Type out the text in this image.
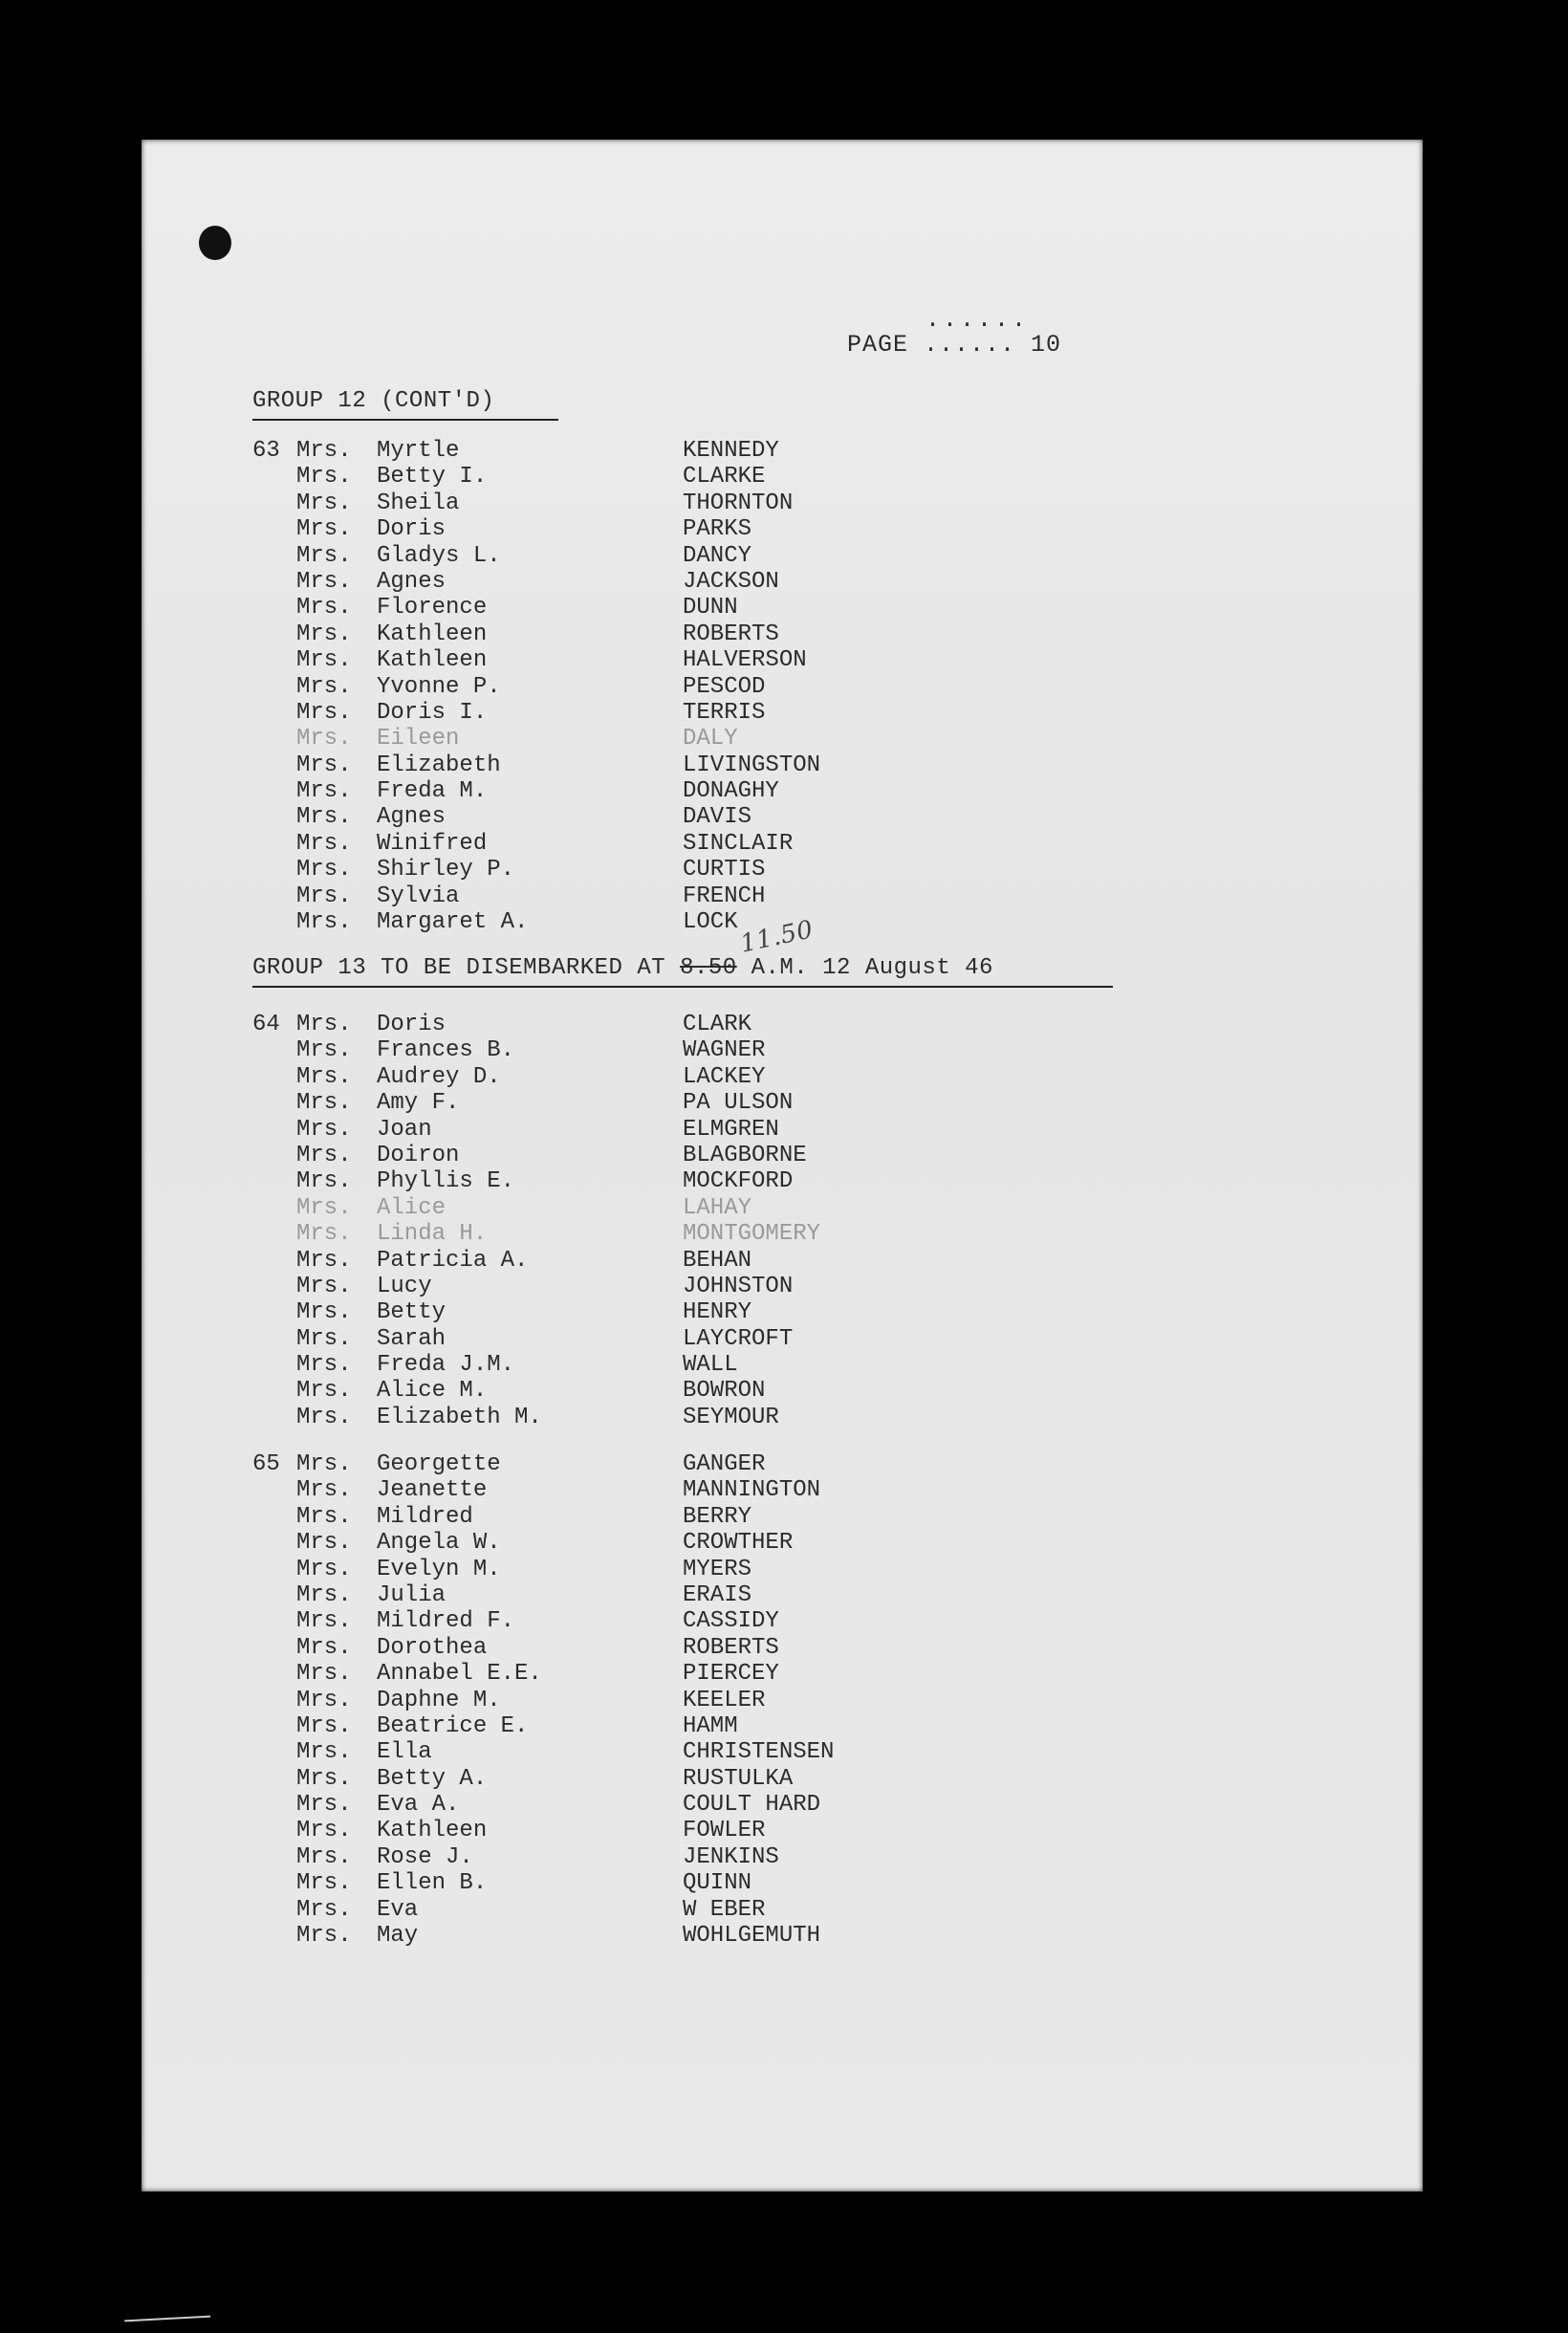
......
PAGE ...... 10
GROUP 12 (CONT'D)
63 Mrs. Myrtle	KENNEDY
Mrs. Betty I.	CLARKE
Mrs. Sheila	THORNTON
Mrs. Doris	PARKS
Mrs. Gladys L.	DANCY
Mrs. Agnes	JACKSON
Mrs. Florence	DUNN
Mrs. Kathleen	ROBERTS
Mrs. Kathleen	HALVERSON
Mrs. Yvonne P.	PESCOD
Mrs. Doris I.	TERRIS
Mrs. Eileen	DALY
Mrs. Elizabeth	LIVINGSTON
Mrs. Freda M.	DONAGHY
Mrs. Agnes	DAVIS
Mrs. Winifred	SINCLAIR
Mrs. Shirley P.	CURTIS
Mrs. Sylvia	FRENCH
Mrs. Margaret A.	LOCK
GROUP 13 TO BE DISEMBARKED AT 8.50 A.M. 12 August 46
11.50
64 Mrs. Doris	CLARK
Mrs. Frances B.	WAGNER
Mrs. Audrey D.	LACKEY
Mrs. Amy F.	PA ULSON
Mrs. Joan	ELMGREN
Mrs. Doiron	BLAGBORNE
Mrs. Phyllis E.	MOCKFORD
Mrs. Alice	LAHAY
Mrs. Linda H.	MONTGOMERY
Mrs. Patricia A.	BEHAN
Mrs. Lucy	JOHNSTON
Mrs. Betty	HENRY
Mrs. Sarah	LAYCROFT
Mrs. Freda J.M.	WALL
Mrs. Alice M.	BOWRON
Mrs. Elizabeth M.	SEYMOUR
65 Mrs. Georgette	GANGER
Mrs. Jeanette	MANNINGTON
Mrs. Mildred	BERRY
Mrs. Angela W.	CROWTHER
Mrs. Evelyn M.	MYERS
Mrs. Julia	ERAIS
Mrs. Mildred F.	CASSIDY
Mrs. Dorothea	ROBERTS
Mrs. Annabel E.E.	PIERCEY
Mrs. Daphne M.	KEELER
Mrs. Beatrice E.	HAMM
Mrs. Ella	CHRISTENSEN
Mrs. Betty A.	RUSTULKA
Mrs. Eva A.	COULT HARD
Mrs. Kathleen	FOWLER
Mrs. Rose J.	JENKINS
Mrs. Ellen B.	QUINN
Mrs. Eva	W EBER
Mrs. May	WOHLGEMUTH
